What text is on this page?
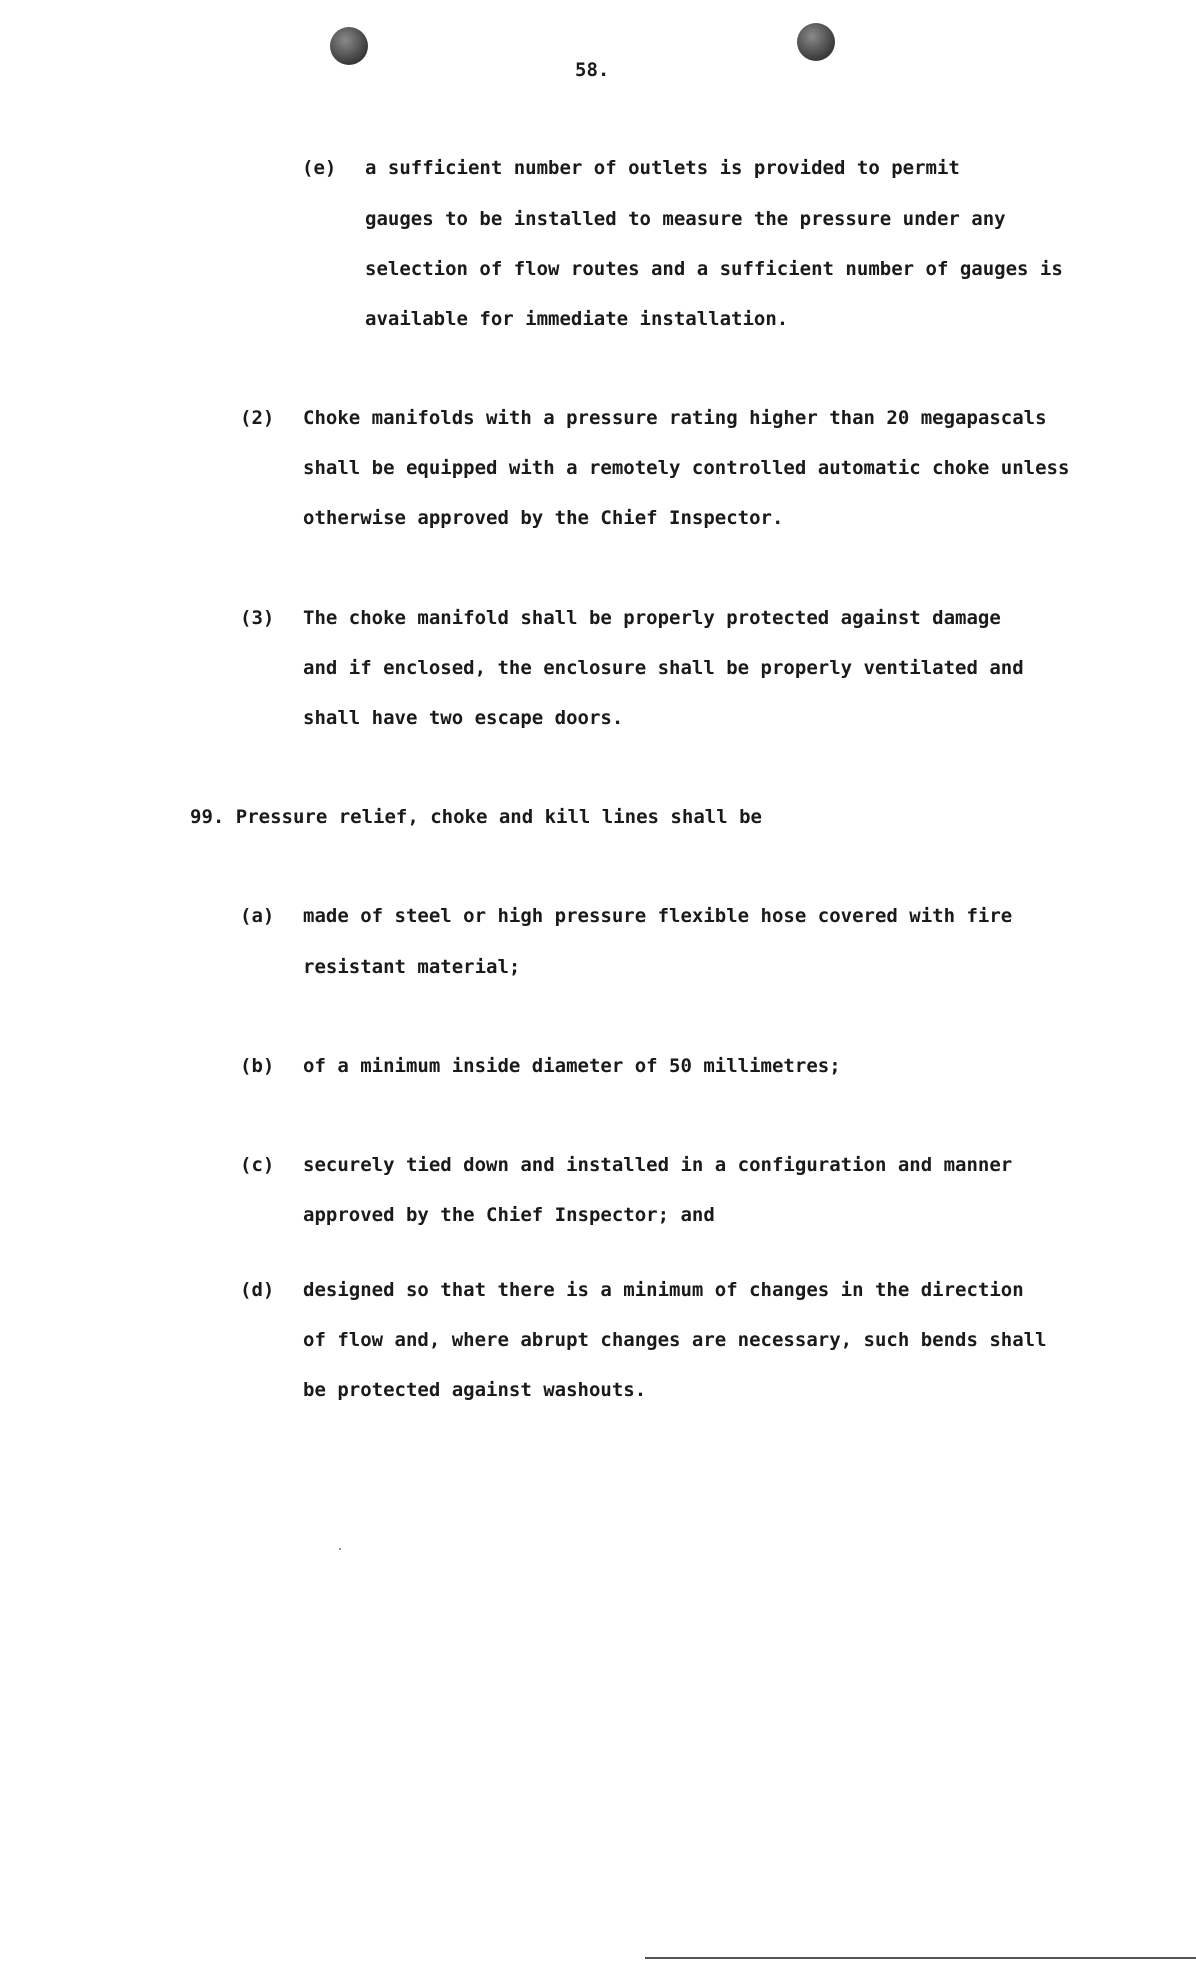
58.
(e) a sufficient number of outlets is provided to permit
gauges to be installed to measure the pressure under any
selection of flow routes and a sufficient number of gauges is
available for immediate installation.
(2) Choke manifolds with a pressure rating higher than 20 megapascals
shall be equipped with a remotely controlled automatic choke unless
otherwise approved by the Chief Inspector.
(3) The choke manifold shall be properly protected against damage
and if enclosed, the enclosure shall be properly ventilated and
shall have two escape doors.
99. Pressure relief, choke and kill lines shall be
(a) made of steel or high pressure flexible hose covered with fire
resistant material;
(b) of a minimum inside diameter of 50 millimetres;
(c) securely tied down and installed in a configuration and manner
approved by the Chief Inspector; and
(d) designed so that there is a minimum of changes in the direction
of flow and, where abrupt changes are necessary, such bends shall
be protected against washouts.
